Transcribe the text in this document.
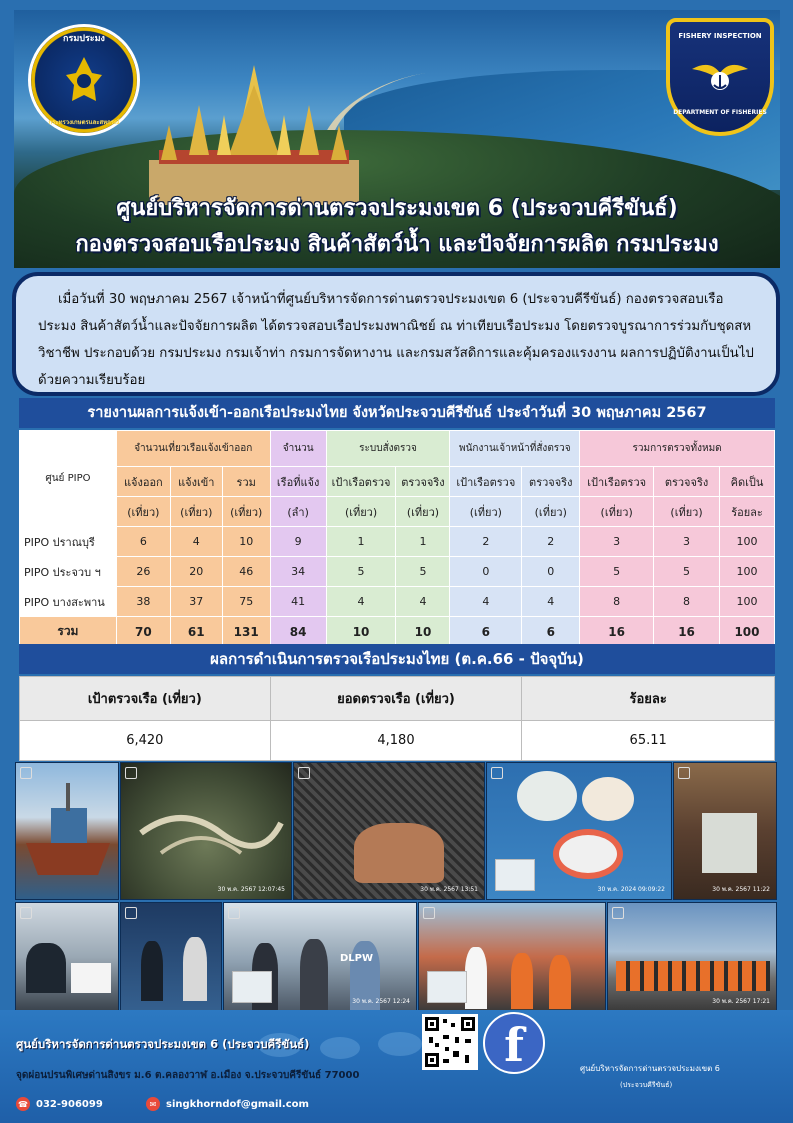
กรมประมง
กระทรวงเกษตรและสหกรณ์
FISHERY INSPECTION
DEPARTMENT OF FISHERIES
ศูนย์บริหารจัดการด่านตรวจประมงเขต 6 (ประจวบคีรีขันธ์)
กองตรวจสอบเรือประมง สินค้าสัตว์น้ำ และปัจจัยการผลิต กรมประมง

เมื่อวันที่ 30 พฤษภาคม 2567 เจ้าหน้าที่ศูนย์บริหารจัดการด่านตรวจประมงเขต 6 (ประจวบคีรีขันธ์) กองตรวจสอบเรือประมง สินค้าสัตว์น้ำและปัจจัยการผลิต ได้ตรวจสอบเรือประมงพาณิชย์ ณ ท่าเทียบเรือประมง โดยตรวจบูรณาการร่วมกับชุดสหวิชาชีพ ประกอบด้วย กรมประมง กรมเจ้าท่า กรมการจัดหางาน และกรมสวัสดิการและคุ้มครองแรงงาน ผลการปฏิบัติงานเป็นไปด้วยความเรียบร้อย

รายงานผลการแจ้งเข้า-ออกเรือประมงไทย จังหวัดประจวบคีรีขันธ์ ประจำวันที่ 30 พฤษภาคม 2567
ศูนย์ PIPO	จำนวนเที่ยวเรือแจ้งเข้าออก			จำนวน	ระบบสั่งตรวจ		พนักงานเจ้าหน้าที่สั่งตรวจ		รวมการตรวจทั้งหมด		
	แจ้งออก	แจ้งเข้า	รวม	เรือที่แจ้ง	เป้าเรือตรวจ	ตรวจจริง	เป้าเรือตรวจ	ตรวจจริง	เป้าเรือตรวจ	ตรวจจริง	คิดเป็น
	(เที่ยว)	(เที่ยว)	(เที่ยว)	(ลำ)	(เที่ยว)	(เที่ยว)	(เที่ยว)	(เที่ยว)	(เที่ยว)	(เที่ยว)	ร้อยละ
PIPO ปราณบุรี	6	4	10	9	1	1	2	2	3	3	100
PIPO ประจวบ ฯ	26	20	46	34	5	5	0	0	5	5	100
PIPO บางสะพาน	38	37	75	41	4	4	4	4	8	8	100
รวม	70	61	131	84	10	10	6	6	16	16	100
ผลการดำเนินการตรวจเรือประมงไทย (ต.ค.66 - ปัจจุบัน)
เป้าตรวจเรือ (เที่ยว)	ยอดตรวจเรือ (เที่ยว)	ร้อยละ
6,420	4,180	65.11
30 พ.ค. 2567 12:07:45	30 พ.ค. 2567 13:51	30 พ.ค. 2024 09:09:22	30 พ.ค. 2567 11:22
DLPW
30 พ.ค. 2567 12:24	30 พ.ค. 2567 17:21
ศูนย์บริหารจัดการด่านตรวจประมงเขต 6 (ประจวบคีรีขันธ์)
จุดผ่อนปรนพิเศษด่านสิงขร ม.6 ต.คลองวาฬ อ.เมือง จ.ประจวบคีรีขันธ์ 77000
☎ 032-906099	✉ singkhorndof@gmail.com
f	ศูนย์บริหารจัดการด่านตรวจประมงเขต 6
(ประจวบคีรีขันธ์)
